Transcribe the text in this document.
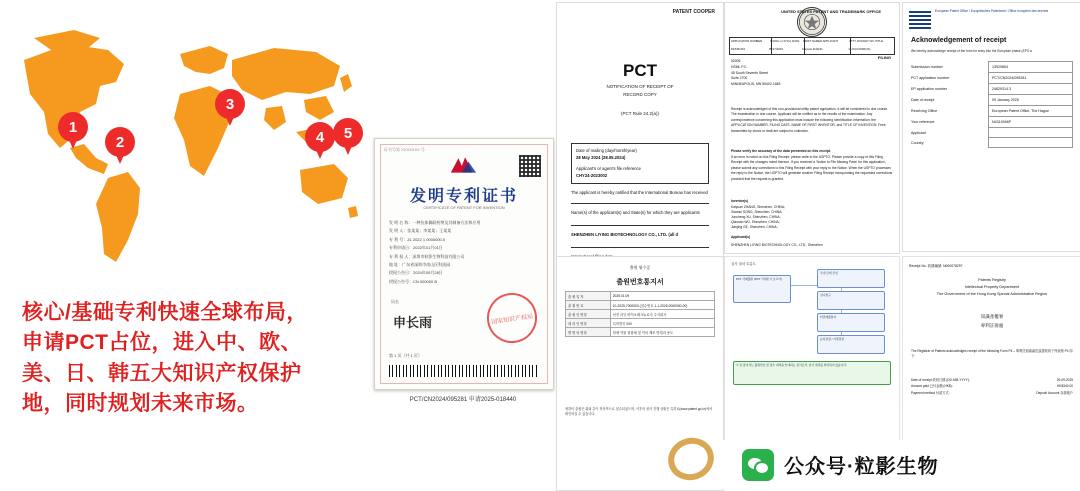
1
2
3
4	5
核心/基础专利快速全球布局，
申请PCT占位，进入中、欧、
美、日、韩五大知识产权保护
地，同时规划未来市场。
证书号第 XXXXXXX 号
发明专利证书
CERTIFICATE OF PATENT FOR INVENTION
发 明 名 称：一种抗体偶联药物及其制备方法和应用
发 明 人：张某某；李某某；王某某
专 利 号：ZL 2022 1 0000000.0
专利申请日：2022年01月01日
专 利 权 人：深圳市粒影生物科技有限公司
地 址：广东省深圳市南山区科技园
授权公告日：2024年05月28日
授权公告号：CN 000000 B
局长
申长雨	国家知识产权局
第 1 页（共 1 页）
PCT/CN2024/095281 申请2025-018440
PATENT COOPER
PCT
NOTIFICATION OF RECEIPT OF
RECORD COPY
(PCT Rule 24.2(a))
Date of mailing (day/month/year)
28 May 2024 (28.05.2024)
Applicant's or agent's file reference
CHY24-2023002
The applicant is hereby notified that the International Bureau has received
Name(s) of the applicant(s) and State(s) for which they are applicants
SHENZHEN LIYING BIOTECHNOLOGY CO., LTD. (all d
UNITED STATES PATENT AND TRADEMARK OFFICE
APPLICATION NUMBER	FILING or 371(c) DATE	FIRST NAMED APPLICANT	ATTY. DOCKET NO./TITLE
63/635,601	05/17/2023	Kaiyuan ZHANG	CHY23-0048(US)
FILING
52005
HSML P.C.
45 South Seventh Street
Suite 2700
MINNEAPOLIS, MN 55402-1683
Receipt is acknowledged of this non-provisional utility patent application. It will be considered in due course. The examination in due course. Applicant will be notified as to the results of the examination. Any correspondence concerning this application must include the following identification information: the APPLICATION NUMBER, FILING DATE, NAME OF FIRST INVENTOR, and TITLE OF INVENTION. Fees transmitted by check or draft are subject to collection.
Please verify the accuracy of the data presented on this receipt.
If an error is noted on this Filing Receipt, please write to the USPTO. Please provide a copy of this Filing Receipt with the changes noted thereon. If you received a 'Notice to File Missing Parts' for this application, please submit any corrections to this Filing Receipt with your reply to the Notice. When the USPTO processes the reply to the Notice, the USPTO will generate another Filing Receipt incorporating the requested corrections provided that the request is granted.
Inventor(s)
Kaiyuan ZHANG, Shenzhen, CHINA;
Xiaohui SONG, Shenzhen, CHINA;
Juncheng XU, Shenzhen, CHINA;
Qiaonan WU, Shenzhen, CHINA;
Jianjing GE, Shenzhen, CHINA;
Applicant(s)
SHENZHEN LIYING BIOTECHNOLOGY CO., LTD., Shenzhen
European Patent Office / Europäisches Patentamt / Office européen des brevets
Acknowledgement of receipt
We hereby acknowledge receipt of the form for entry into the European phase (EPO a
Submission number	13929854
PCT application number	PCT/CN2024/095281
EP application number	24829314.3
Date of receipt	09 January 2025
Receiving Office	European Patent Office, The Hague
Your reference	N4314946P
Applicant	
Country	
출원 영수증
출원번호통지서
출 원 일 자	2025.01.09
출 원 번 호	10-2025-7000000 (접수번호 1-1-2025-0000000-00)
출 원 인 명칭	선전 리잉 바이오테크놀로지 주식회사
대 리 인 명칭	특허법인 000
발 명 의 명칭	항체 약물 접합체 및 이의 제조 방법과 용도
귀하의 출원은 위와 같이 정상적으로 접수되었으며, 이후의 심사 진행 상황은 특허로(www.patent.go.kr)에서 확인하실 수 있습니다.
심사 절차 흐름도
PCT 국제출원 (PCT 국제조사 보고서)
국내 단계 진입
심사청구
의견제출통지
등록결정 / 거절결정
※ 본 통지서는 출원번호 및 접수 내역을 안내하는 문서로서, 심사 결과를 의미하지 않습니다.
Receipt No. 收據編號: N000078297
Patents Registry
Intellectual Property Department
The Government of the Hong Kong Special Administrative Region
知識產權署
專利註冊處
The Registrar of Patents acknowledges receipt of the following Form P4 – 專利註冊處處長茲證收到下列表格 P4 如下：
Date of receipt 收到日期 (DD-MM-YYYY):	29-09-2025
Amount paid 已付金額 (HK$):	HK$340.00
Payment method 付款方式:	Deposit Account 存款帳戶
公众号·粒影生物
